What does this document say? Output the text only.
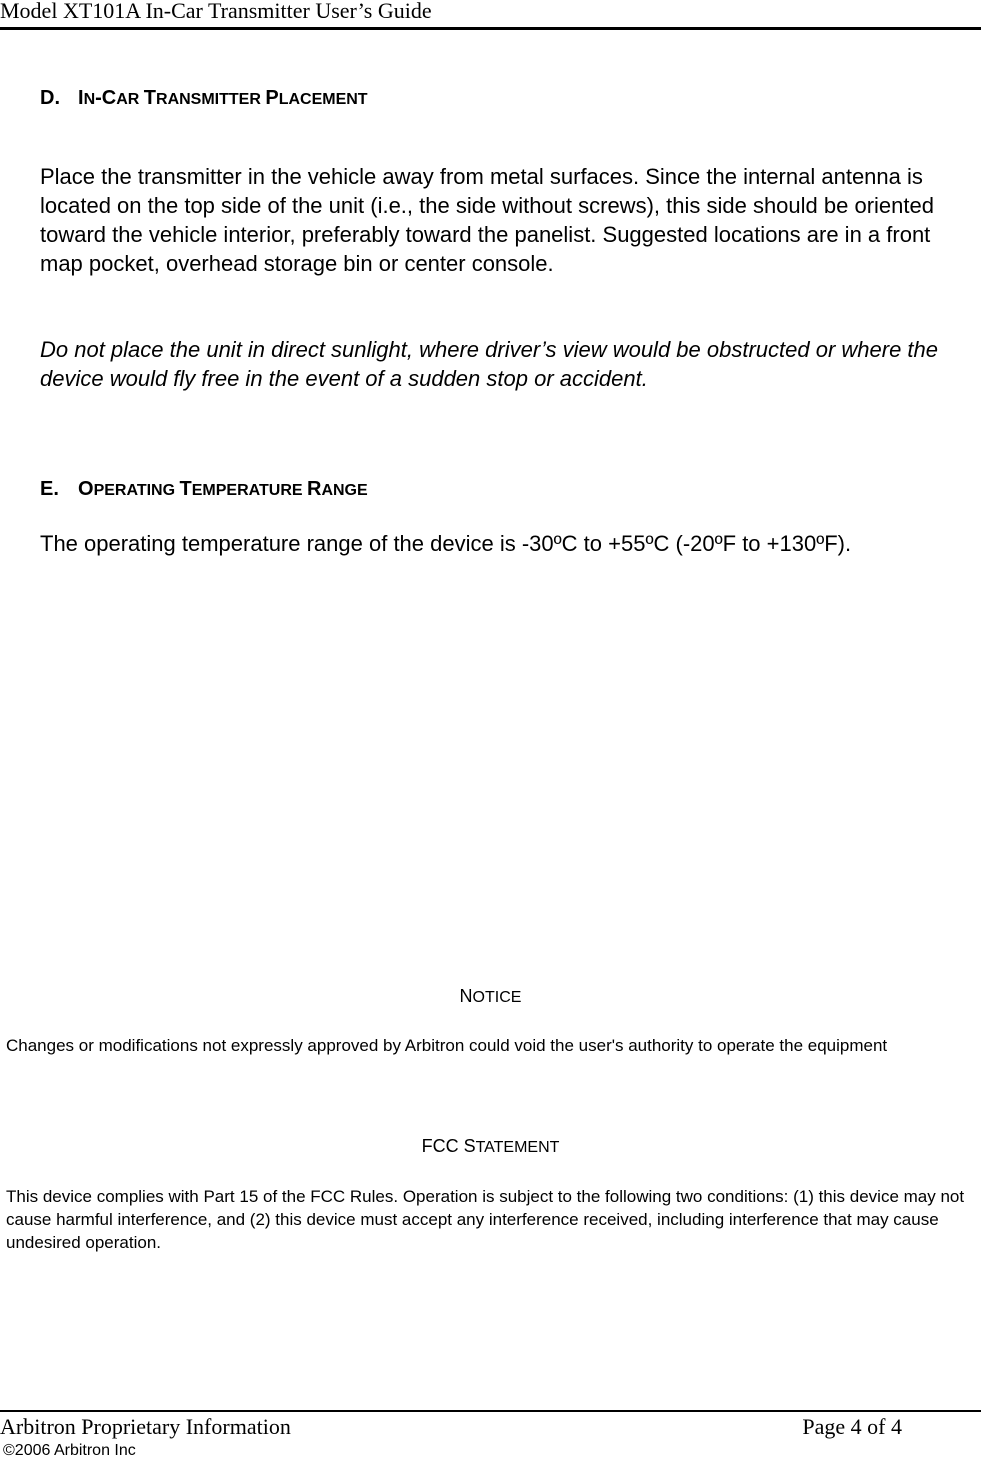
Model XT101A In-Car Transmitter User’s Guide
D. IN-CAR TRANSMITTER PLACEMENT

Place the transmitter in the vehicle away from metal surfaces. Since the internal antenna is located on the top side of the unit (i.e., the side without screws), this side should be oriented toward the vehicle interior, preferably toward the panelist. Suggested locations are in a front map pocket, overhead storage bin or center console.

Do not place the unit in direct sunlight, where driver’s view would be obstructed or where the device would fly free in the event of a sudden stop or accident.

E. OPERATING TEMPERATURE RANGE

The operating temperature range of the device is -30ºC to +55ºC (-20ºF to +130ºF).

NOTICE

Changes or modifications not expressly approved by Arbitron could void the user's authority to operate the equipment

FCC STATEMENT

This device complies with Part 15 of the FCC Rules. Operation is subject to the following two conditions: (1) this device may not cause harmful interference, and (2) this device must accept any interference received, including interference that may cause undesired operation.

Arbitron Proprietary Information	Page 4 of 4
©2006 Arbitron Inc
